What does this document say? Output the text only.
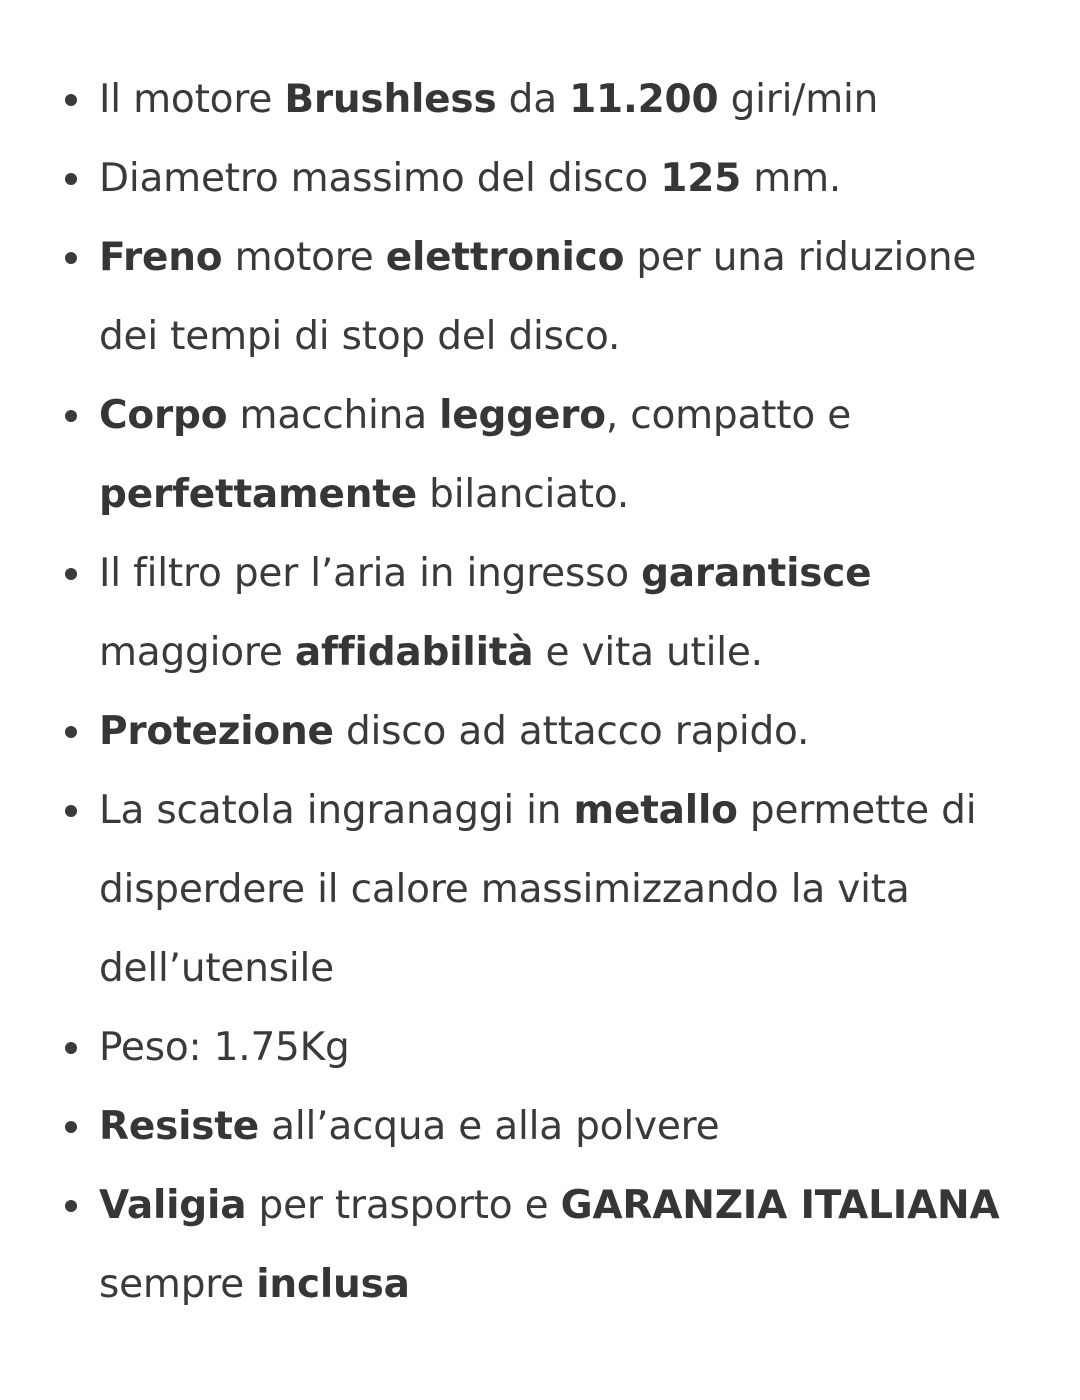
Il motore Brushless da 11.200 giri/min
Diametro massimo del disco 125 mm.
Freno motore elettronico per una riduzione dei tempi di stop del disco.
Corpo macchina leggero, compatto e
perfettamente bilanciato.
Il filtro per l’aria in ingresso garantisce
maggiore affidabilità e vita utile.
Protezione disco ad attacco rapido.
La scatola ingranaggi in metallo permette di disperdere il calore massimizzando la vita dell’utensile
Peso: 1.75Kg
Resiste all’acqua e alla polvere
Valigia per trasporto e GARANZIA ITALIANA
sempre inclusa
